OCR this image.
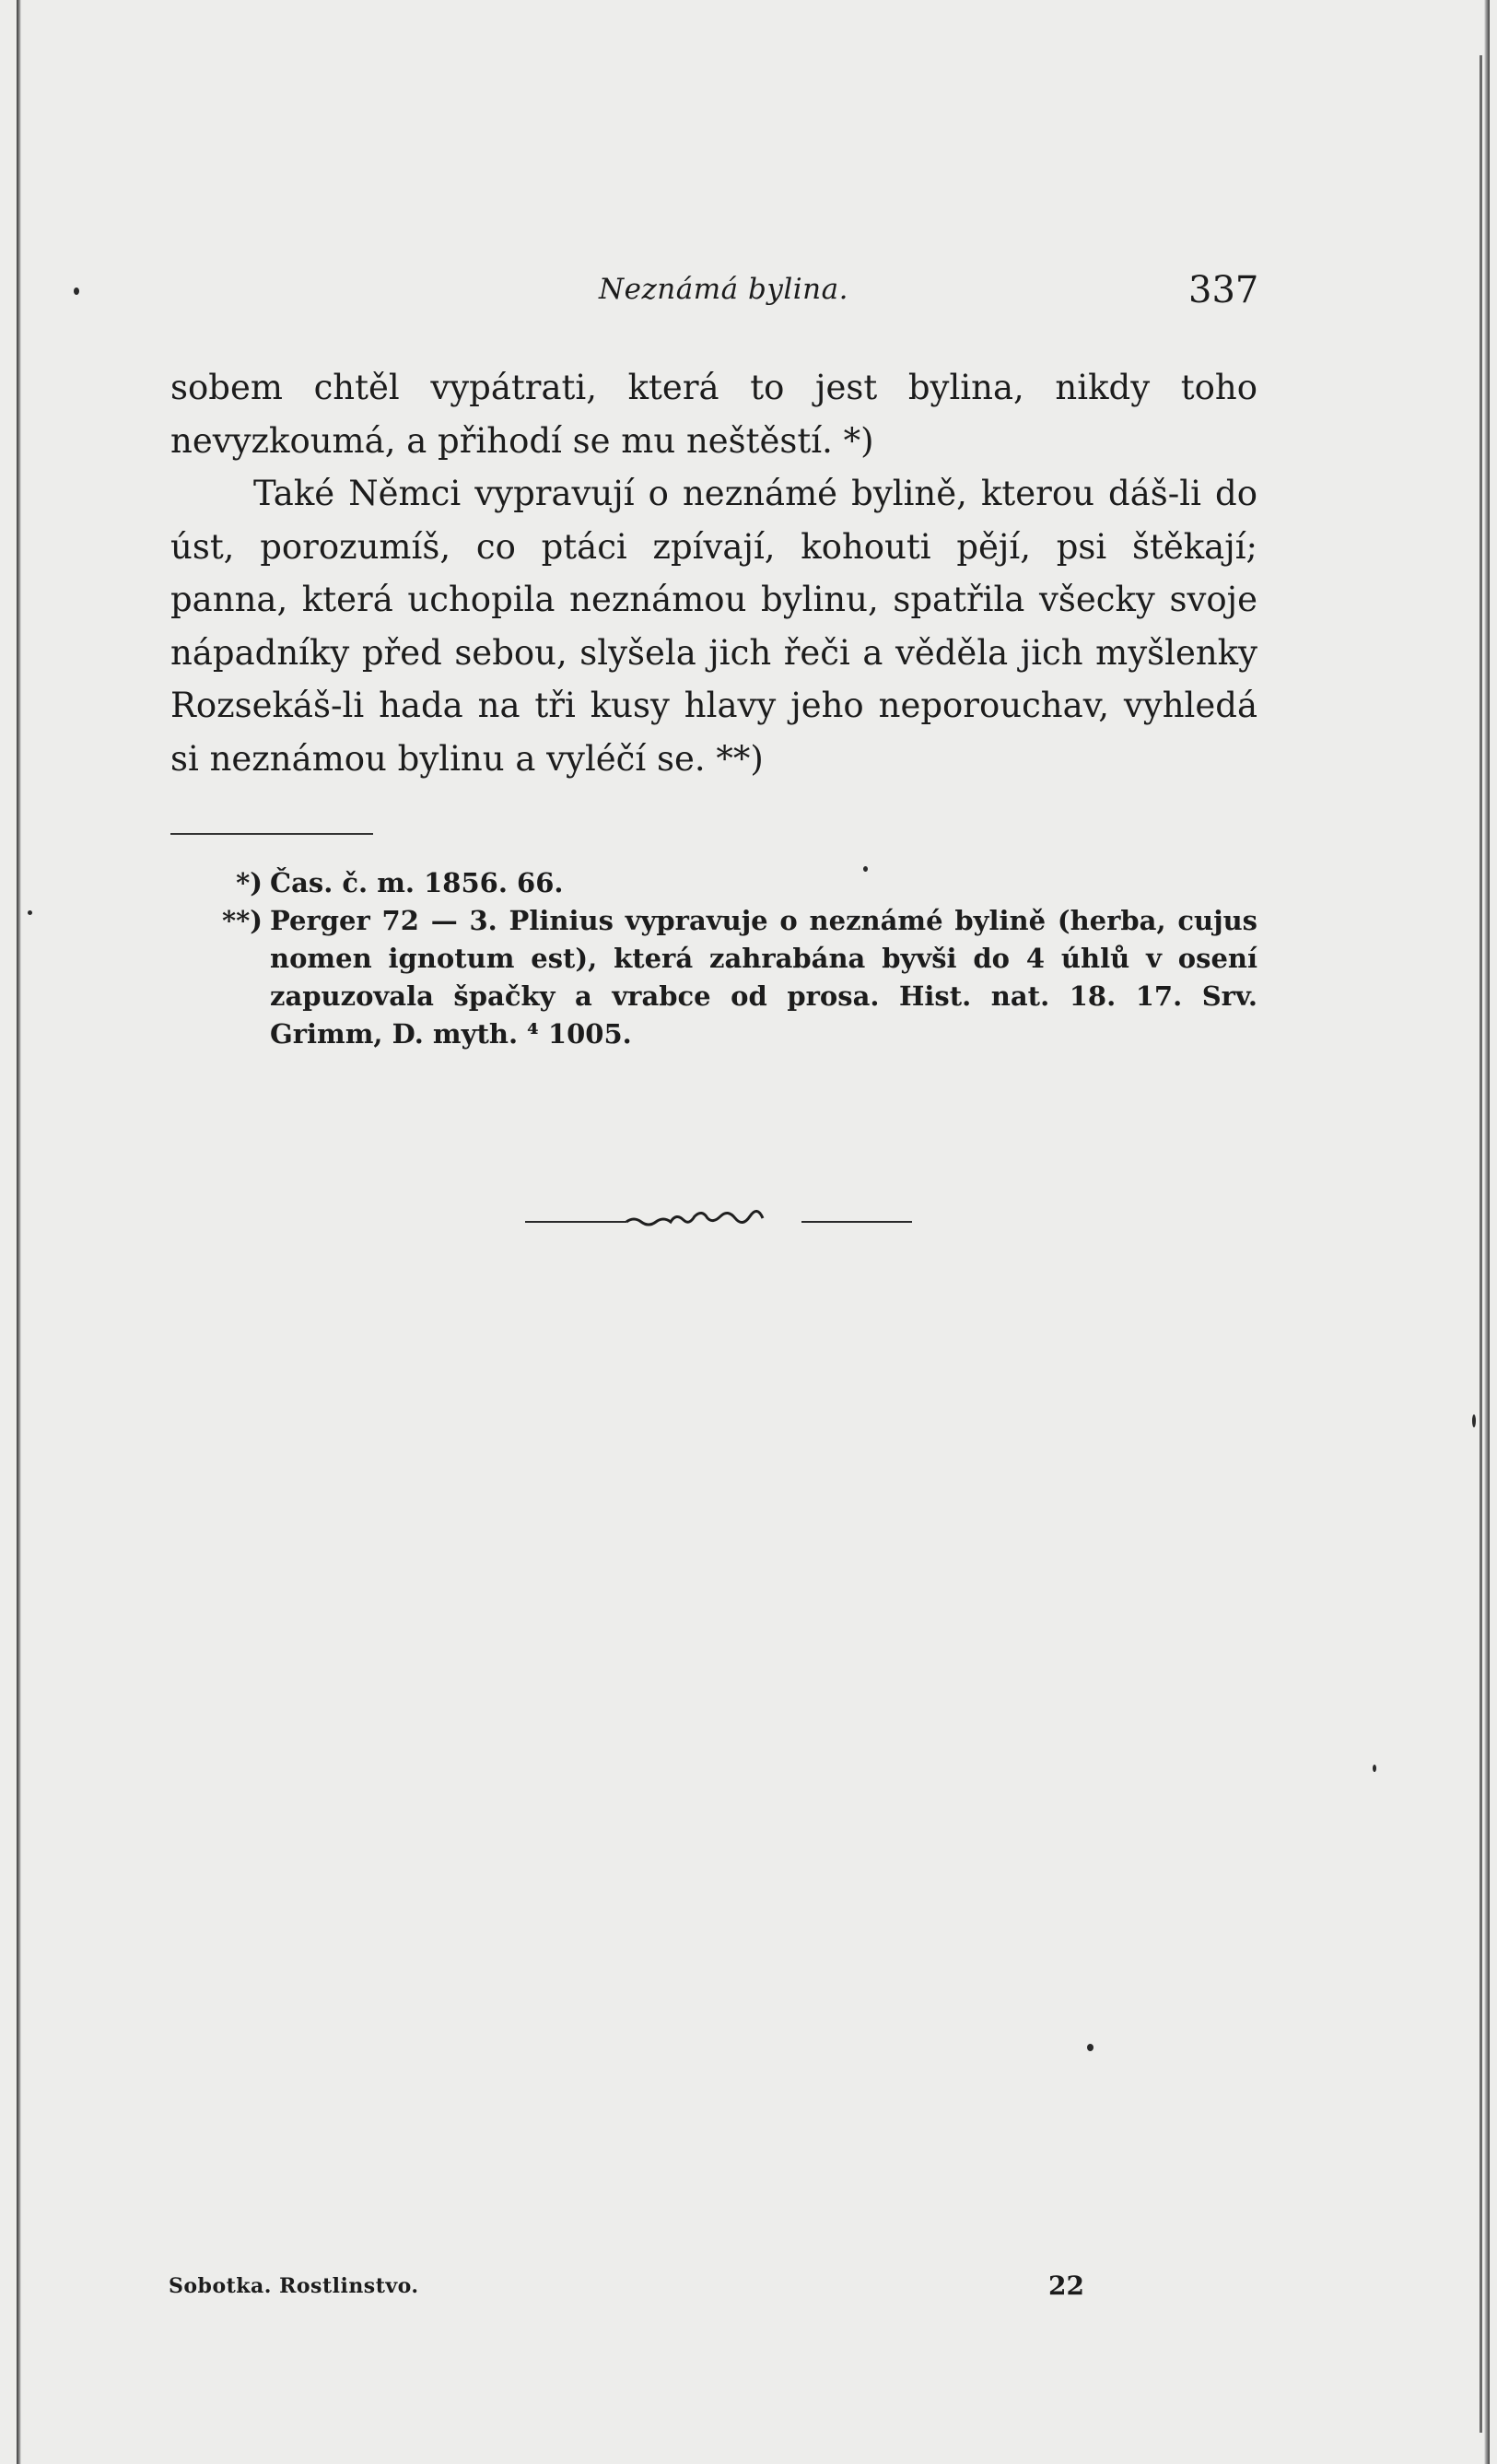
Neznámá bylina.	337

sobem chtěl vypátrati, která to jest bylina, nikdy toho nevyzkoumá, a přihodí se mu neštěstí. *)

Také Němci vypravují o neznámé bylině, kterou dáš-li do úst, porozumíš, co ptáci zpívají, kohouti pějí, psi štěkají; panna, která uchopila neznámou bylinu, spatřila všecky svoje nápadníky před sebou, slyšela jich řeči a věděla jich myšlenky Rozsekáš-li hada na tři kusy hlavy jeho neporouchav, vyhledá si neznámou bylinu a vyléčí se. **)

*) Čas. č. m. 1856. 66.
**) Perger 72 — 3. Plinius vypravuje o neznámé bylině (herba, cujus nomen ignotum est), která zahrabána byvši do 4 úhlů v osení zapuzovala špačky a vrabce od prosa. Hist. nat. 18. 17. Srv. Grimm, D. myth. ⁴ 1005.
Sobotka. Rostlinstvo.	22
